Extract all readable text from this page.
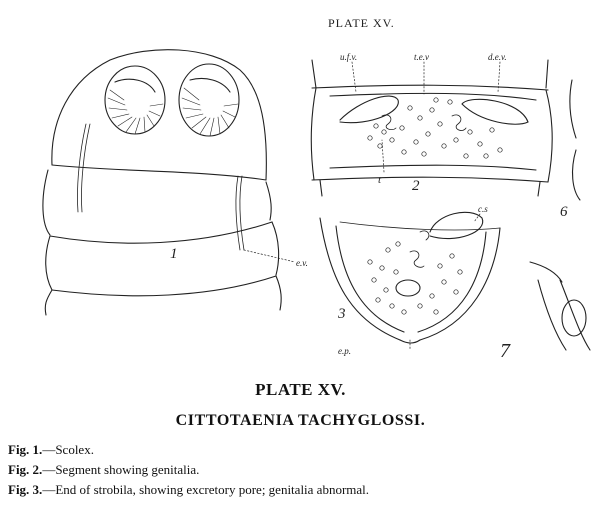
PLATE XV.
1
2
3
6
7
u.f.v.	t.e.v	d.e.v.
t
c.s
e.v.
e.p.
PLATE XV.
CITTOTAENIA TACHYGLOSSI.
Fig. 1.—Scolex.
Fig. 2.—Segment showing genitalia.
Fig. 3.—End of strobila, showing excretory pore; genitalia abnormal.
